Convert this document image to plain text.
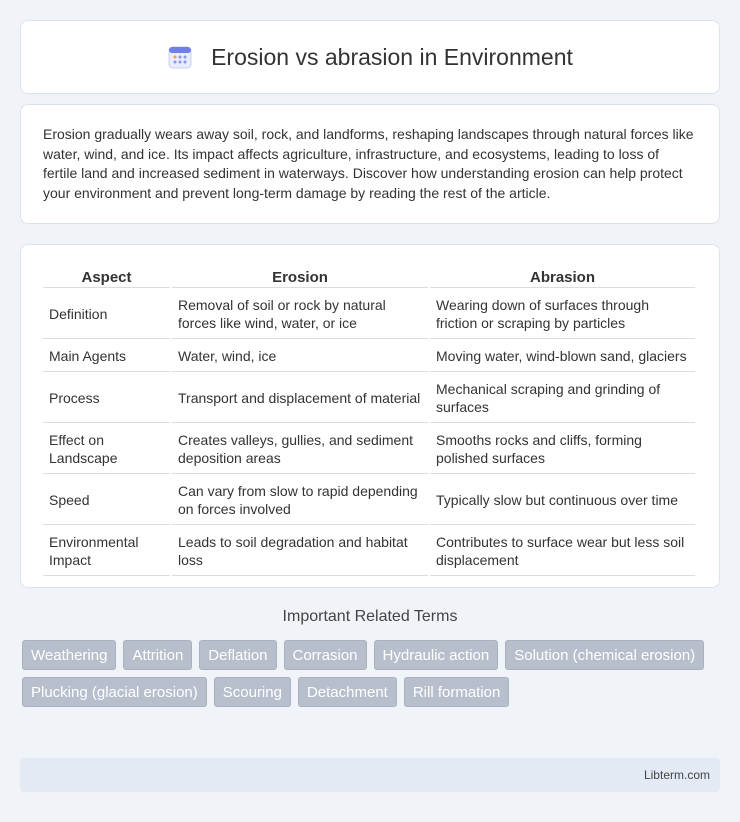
Erosion vs abrasion in Environment

Erosion gradually wears away soil, rock, and landforms, reshaping landscapes through natural forces like water, wind, and ice. Its impact affects agriculture, infrastructure, and ecosystems, leading to loss of fertile land and increased sediment in waterways. Discover how understanding erosion can help protect your environment and prevent long-term damage by reading the rest of the article.

Aspect	Erosion	Abrasion
Definition	Removal of soil or rock by natural forces like wind, water, or ice	Wearing down of surfaces through friction or scraping by particles
Main Agents	Water, wind, ice	Moving water, wind-blown sand, glaciers
Process	Transport and displacement of material	Mechanical scraping and grinding of surfaces
Effect on Landscape	Creates valleys, gullies, and sediment deposition areas	Smooths rocks and cliffs, forming polished surfaces
Speed	Can vary from slow to rapid depending on forces involved	Typically slow but continuous over time
Environmental Impact	Leads to soil degradation and habitat loss	Contributes to surface wear but less soil displacement
Important Related Terms
Weathering	Attrition	Deflation	Corrasion	Hydraulic action	Solution (chemical erosion)
Plucking (glacial erosion)	Scouring	Detachment	Rill formation
Libterm.com
